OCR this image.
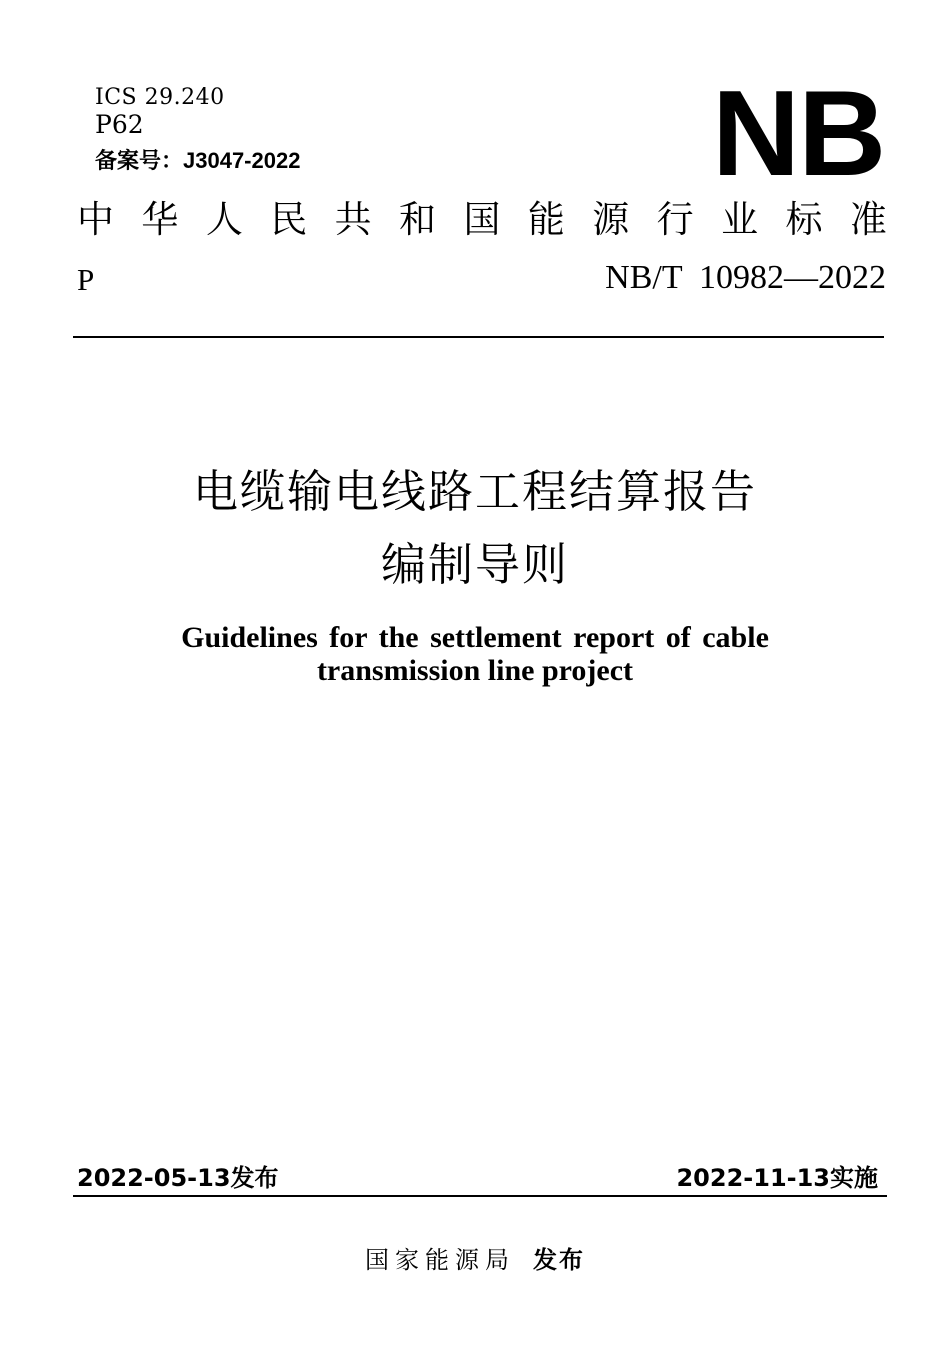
ICS 29.240
P62
备案号：J3047-2022	NB
中 华 人 民 共 和 国 能 源 行 业 标 准
P	NB/T  10982—2022
电缆输电线路工程结算报告
编制导则
Guidelines for the settlement report of cable
transmission line project
2022-05-13发布	2022-11-13实施
国家能源局 发布
